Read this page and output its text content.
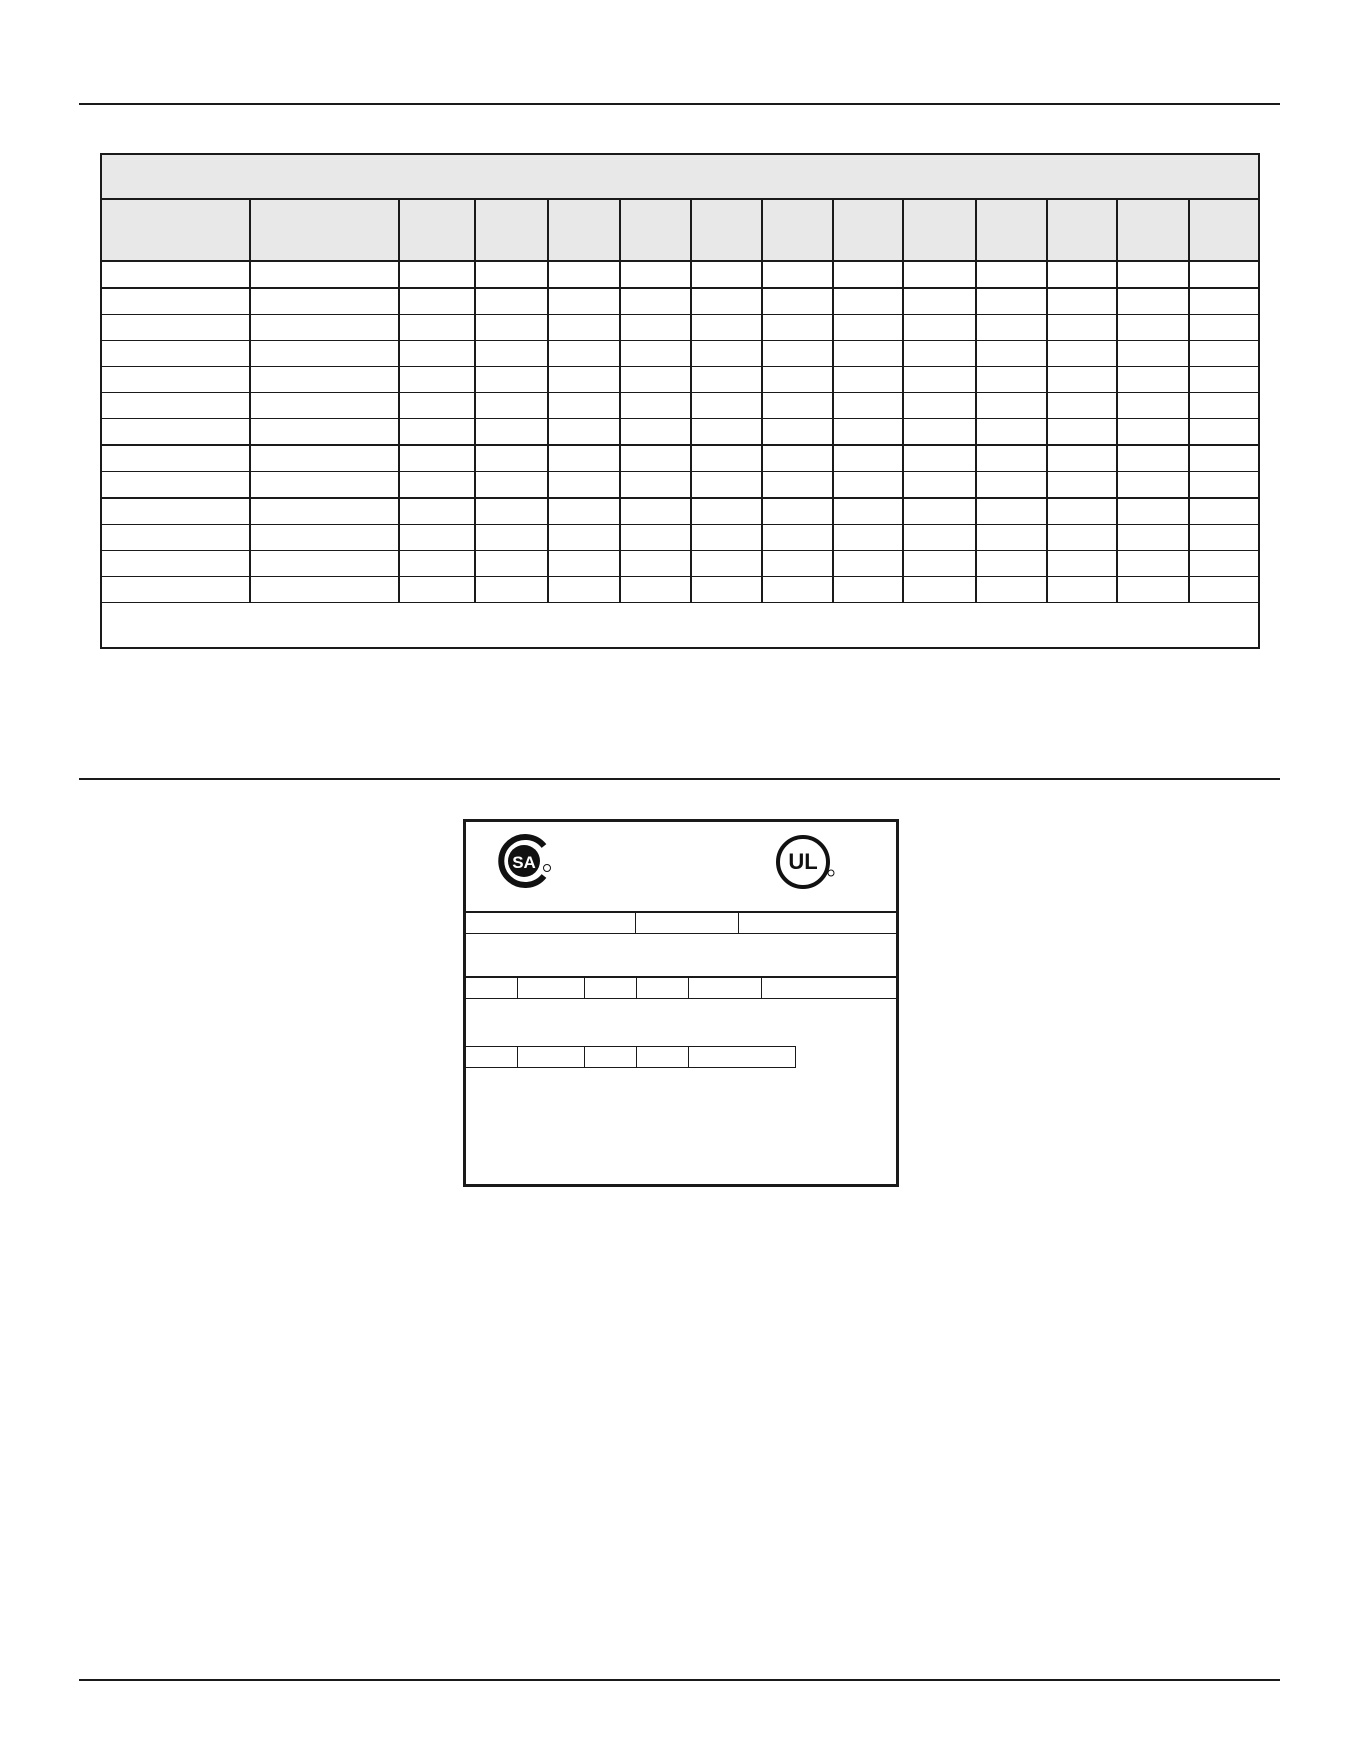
SA	UL
